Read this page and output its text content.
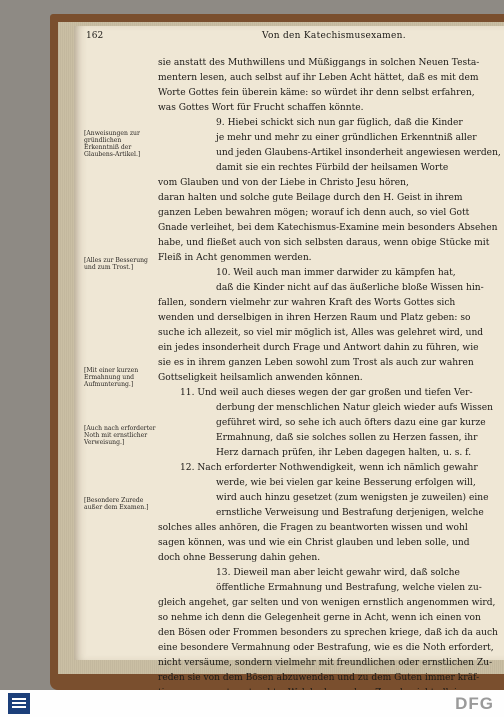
162	Von den Katechismusexamen.
sie anstatt des Muthwillens und Müßiggangs in solchen Neuen Testa-
mentern lesen, auch selbst auf ihr Leben Acht hättet, daß es mit dem
Worte Gottes fein überein käme: so würdet ihr denn selbst erfahren,
was Gottes Wort für Frucht schaffen könnte.
9. Hiebei schickt sich nun gar füglich, daß die Kinder
je mehr und mehr zu einer gründlichen Erkenntniß aller
und jeden Glaubens-Artikel insonderheit angewiesen werden,
damit sie ein rechtes Fürbild der heilsamen Worte
vom Glauben und von der Liebe in Christo Jesu hören,
daran halten und solche gute Beilage durch den H. Geist in ihrem
ganzen Leben bewahren mögen; worauf ich denn auch, so viel Gott
Gnade verleihet, bei dem Katechismus-Examine mein besonders Absehen
habe, und fließet auch von sich selbsten daraus, wenn obige Stücke mit
Fleiß in Acht genommen werden.
10. Weil auch man immer darwider zu kämpfen hat,
daß die Kinder nicht auf das äußerliche bloße Wissen hin-
fallen, sondern vielmehr zur wahren Kraft des Worts Gottes sich
wenden und derselbigen in ihren Herzen Raum und Platz geben: so
suche ich allezeit, so viel mir möglich ist, Alles was gelehret wird, und
ein jedes insonderheit durch Frage und Antwort dahin zu führen, wie
sie es in ihrem ganzen Leben sowohl zum Trost als auch zur wahren
Gottseligkeit heilsamlich anwenden können.
11. Und weil auch dieses wegen der gar großen und tiefen Ver-
derbung der menschlichen Natur gleich wieder aufs Wissen
geführet wird, so sehe ich auch öfters dazu eine gar kurze
Ermahnung, daß sie solches sollen zu Herzen fassen, ihr
Herz darnach prüfen, ihr Leben dagegen halten, u. s. f.
12. Nach erforderter Nothwendigkeit, wenn ich nämlich gewahr
werde, wie bei vielen gar keine Besserung erfolgen will,
wird auch hinzu gesetzet (zum wenigsten je zuweilen) eine
ernstliche Verweisung und Bestrafung derjenigen, welche
solches alles anhören, die Fragen zu beantworten wissen und wohl
sagen können, was und wie ein Christ glauben und leben solle, und
doch ohne Besserung dahin gehen.
13. Dieweil man aber leicht gewahr wird, daß solche
öffentliche Ermahnung und Bestrafung, welche vielen zu-
gleich angehet, gar selten und von wenigen ernstlich angenommen wird,
so nehme ich denn die Gelegenheit gerne in Acht, wenn ich einen von
den Bösen oder Frommen besonders zu sprechen kriege, daß ich da auch
eine besondere Vermahnung oder Bestrafung, wie es die Noth erfordert,
nicht versäume, sondern vielmehr mit freundlichen oder ernstlichen Zu-
reden sie von dem Bösen abzuwenden und zu dem Guten immer kräf-
[Anweisungen zur gründlichen Erkenntniß der Glaubens-Artikel.]
[Alles zur Besserung und zum Trost.]
[Mit einer kurzen Ermahnung und Aufmunterung.]
[Auch nach erforderter Noth mit ernstlicher Verweisung.]
[Besondere Zurede außer dem Examen.]
DFG
